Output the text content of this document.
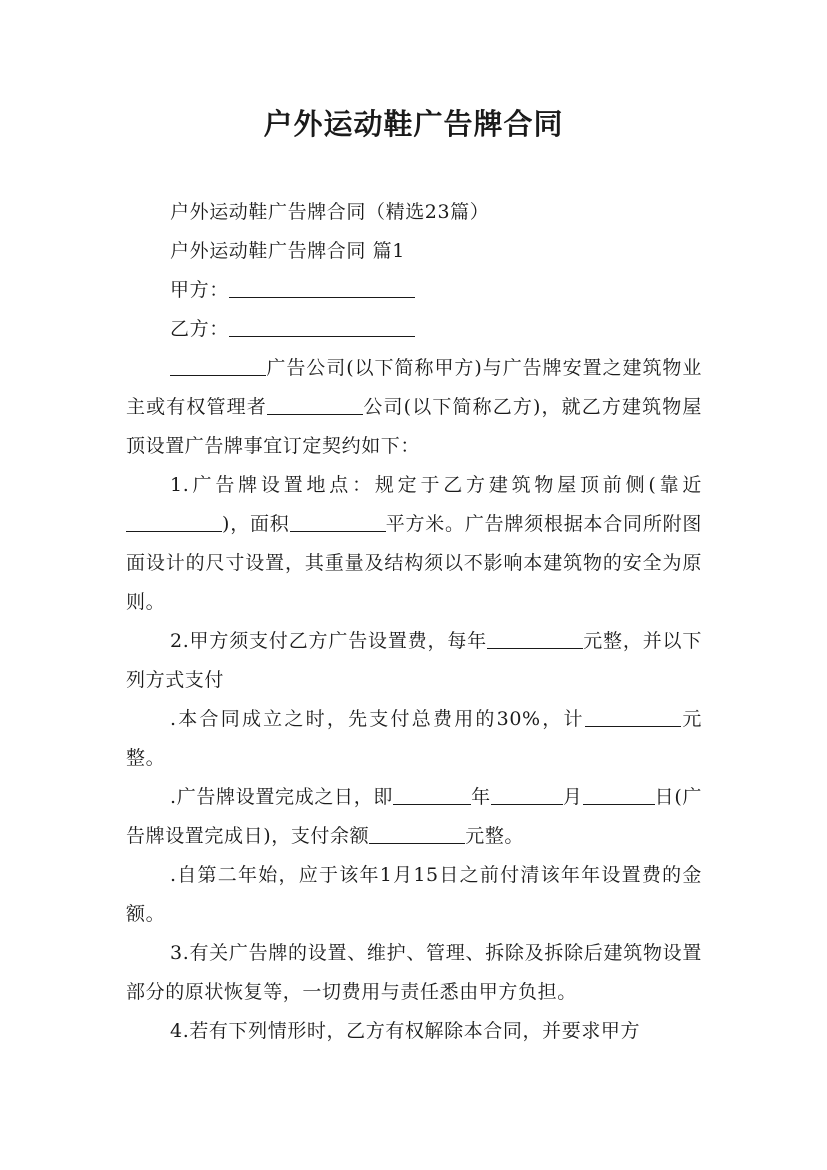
户外运动鞋广告牌合同

户外运动鞋广告牌合同（精选23篇）

户外运动鞋广告牌合同 篇1

甲方：

乙方：

广告公司(以下简称甲方)与广告牌安置之建筑物业主或有权管理者	公司(以下简称乙方)，就乙方建筑物屋顶设置广告牌事宜订定契约如下：

1.广告牌设置地点：规定于乙方建筑物屋顶前侧(靠近)，面积	平方米。广告牌须根据本合同所附图面设计的尺寸设置，其重量及结构须以不影响本建筑物的安全为原则。

2.甲方须支付乙方广告设置费，每年	元整，并以下列方式支付

.本合同成立之时，先支付总费用的30%，计	元整。

.广告牌设置完成之日，即	年	月	日(广告牌设置完成日)，支付余额	元整。

.自第二年始，应于该年1月15日之前付清该年年设置费的金额。

3.有关广告牌的设置、维护、管理、拆除及拆除后建筑物设置部分的原状恢复等，一切费用与责任悉由甲方负担。

4.若有下列情形时，乙方有权解除本合同，并要求甲方
